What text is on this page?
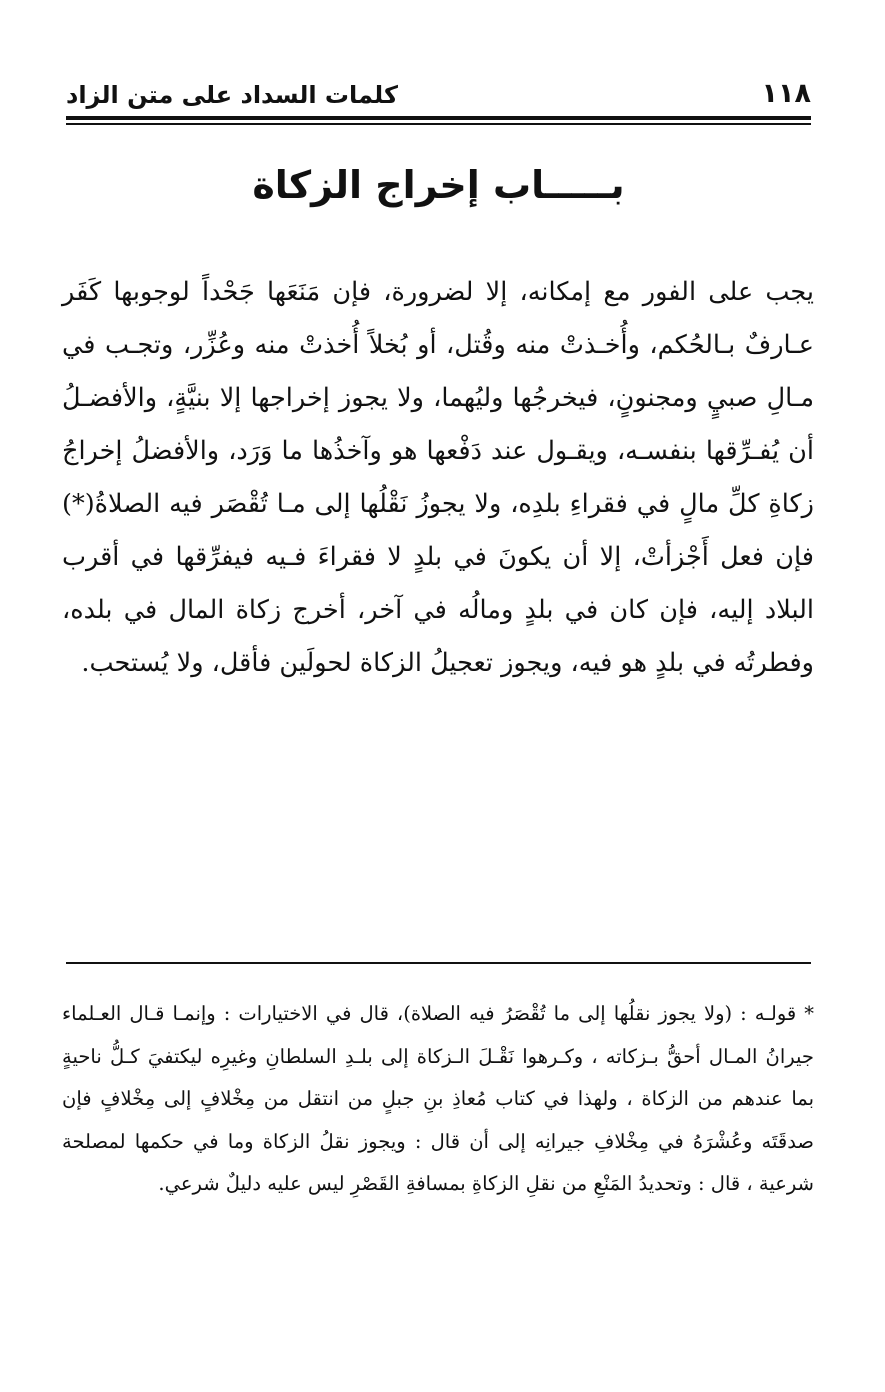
١١٨
كلمات السداد على متن الزاد
بـــــاب إخراج الزكاة

يجب على الفور مع إمكانه، إلا لضرورة، فإن مَنَعَها جَحْداً لوجوبها كَفَر عـارفٌ بـالحُكم، وأُخـذتْ منه وقُتل، أو بُخلاً أُخذتْ منه وعُزِّر، وتجـب في مـالِ صبيٍ ومجنونٍ، فيخرجُها وليُهما، ولا يجوز إخراجها إلا بنيَّةٍ، والأفضـلُ أن يُفـرِّقها بنفسـه، ويقـول عند دَفْعها هو وآخذُها ما وَرَد، والأفضلُ إخراجُ زكاةِ كلِّ مالٍ في فقراءِ بلدِه، ولا يجوزُ نَقْلُها إلى مـا تُقْصَر فيه الصلاةُ(*) فإن فعل أَجْزأتْ، إلا أن يكونَ في بلدٍ لا فقراءَ فـيه فيفرِّقها في أقرب البلاد إليه، فإن كان في بلدٍ ومالُه في آخر، أخرج زكاة المال في بلده، وفطرتُه في بلدٍ هو فيه، ويجوز تعجيلُ الزكاة لحولَين فأقل، ولا يُستحب.

* قولـه : (ولا يجوز نقلُها إلى ما تُقْصَرُ فيه الصلاة)، قال في الاختيارات : وإنمـا قـال العـلماء جيرانُ المـال أحقُّ بـزكاته ، وكـرهوا نَقْـلَ الـزكاة إلى بلـدِ السلطانِ وغيرِه ليكتفيَ كـلُّ ناحيةٍ بما عندهم من الزكاة ، ولهذا في كتاب مُعاذِ بنِ جبلٍ من انتقل من مِخْلافٍ إلى مِخْلافٍ فإن صدقَتَه وعُشْرَهُ في مِخْلافِ جيرانِه إلى أن قال : ويجوز نقلُ الزكاة وما في حكمها لمصلحة شرعية ، قال : وتحديدُ المَنْعِ من نقلِ الزكاةِ بمسافةِ القَصْرِ ليس عليه دليلٌ شرعي.
